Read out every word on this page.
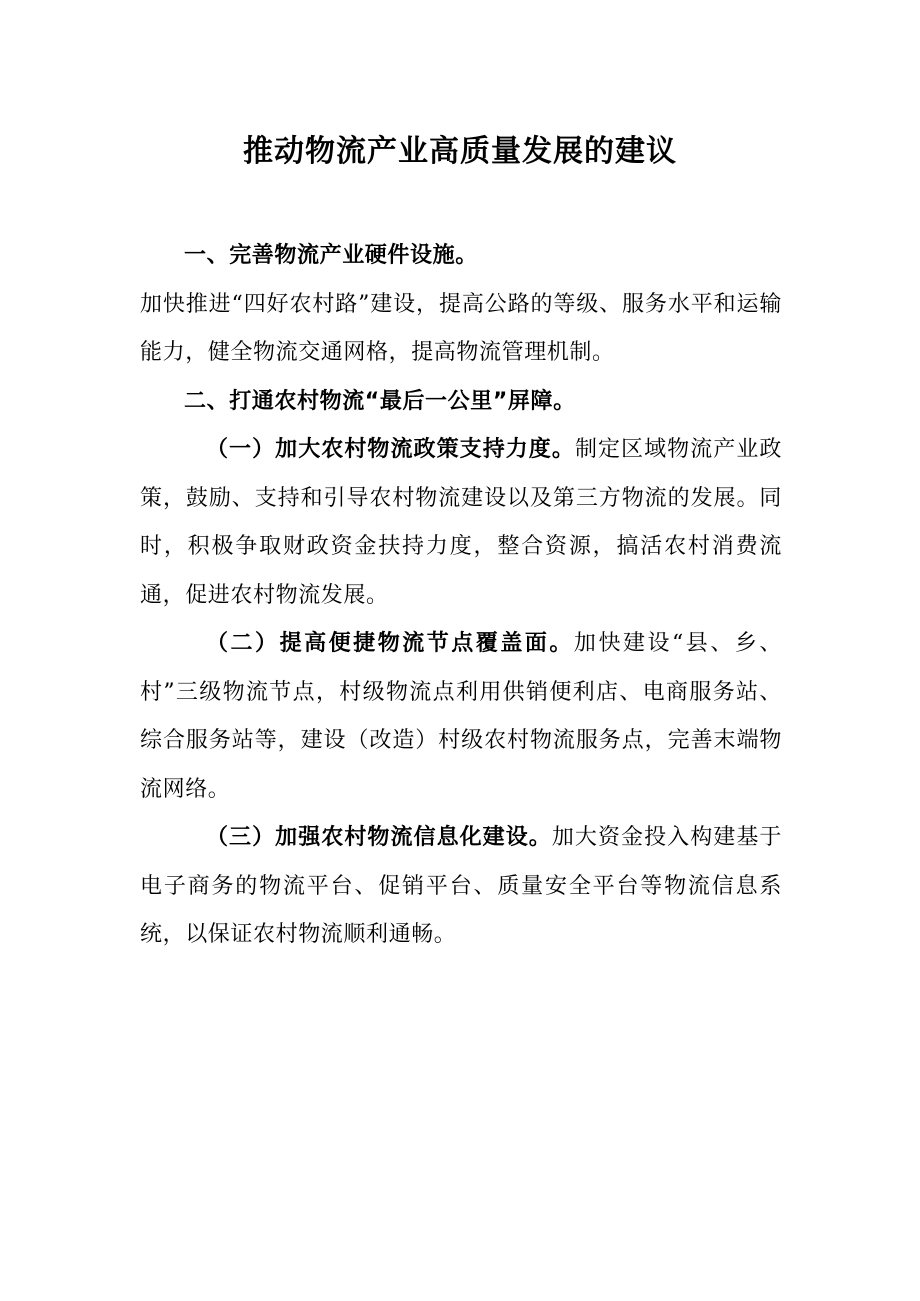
推动物流产业高质量发展的建议

一、完善物流产业硬件设施。

加快推进“四好农村路”建设，提高公路的等级、服务水平和运输能力，健全物流交通网格，提高物流管理机制。

二、打通农村物流“最后一公里”屏障。

（一）加大农村物流政策支持力度。制定区域物流产业政策，鼓励、支持和引导农村物流建设以及第三方物流的发展。同时，积极争取财政资金扶持力度，整合资源，搞活农村消费流通，促进农村物流发展。

（二）提高便捷物流节点覆盖面。加快建设“县、乡、村”三级物流节点，村级物流点利用供销便利店、电商服务站、综合服务站等，建设（改造）村级农村物流服务点，完善末端物流网络。

（三）加强农村物流信息化建设。加大资金投入构建基于电子商务的物流平台、促销平台、质量安全平台等物流信息系统，以保证农村物流顺利通畅。
